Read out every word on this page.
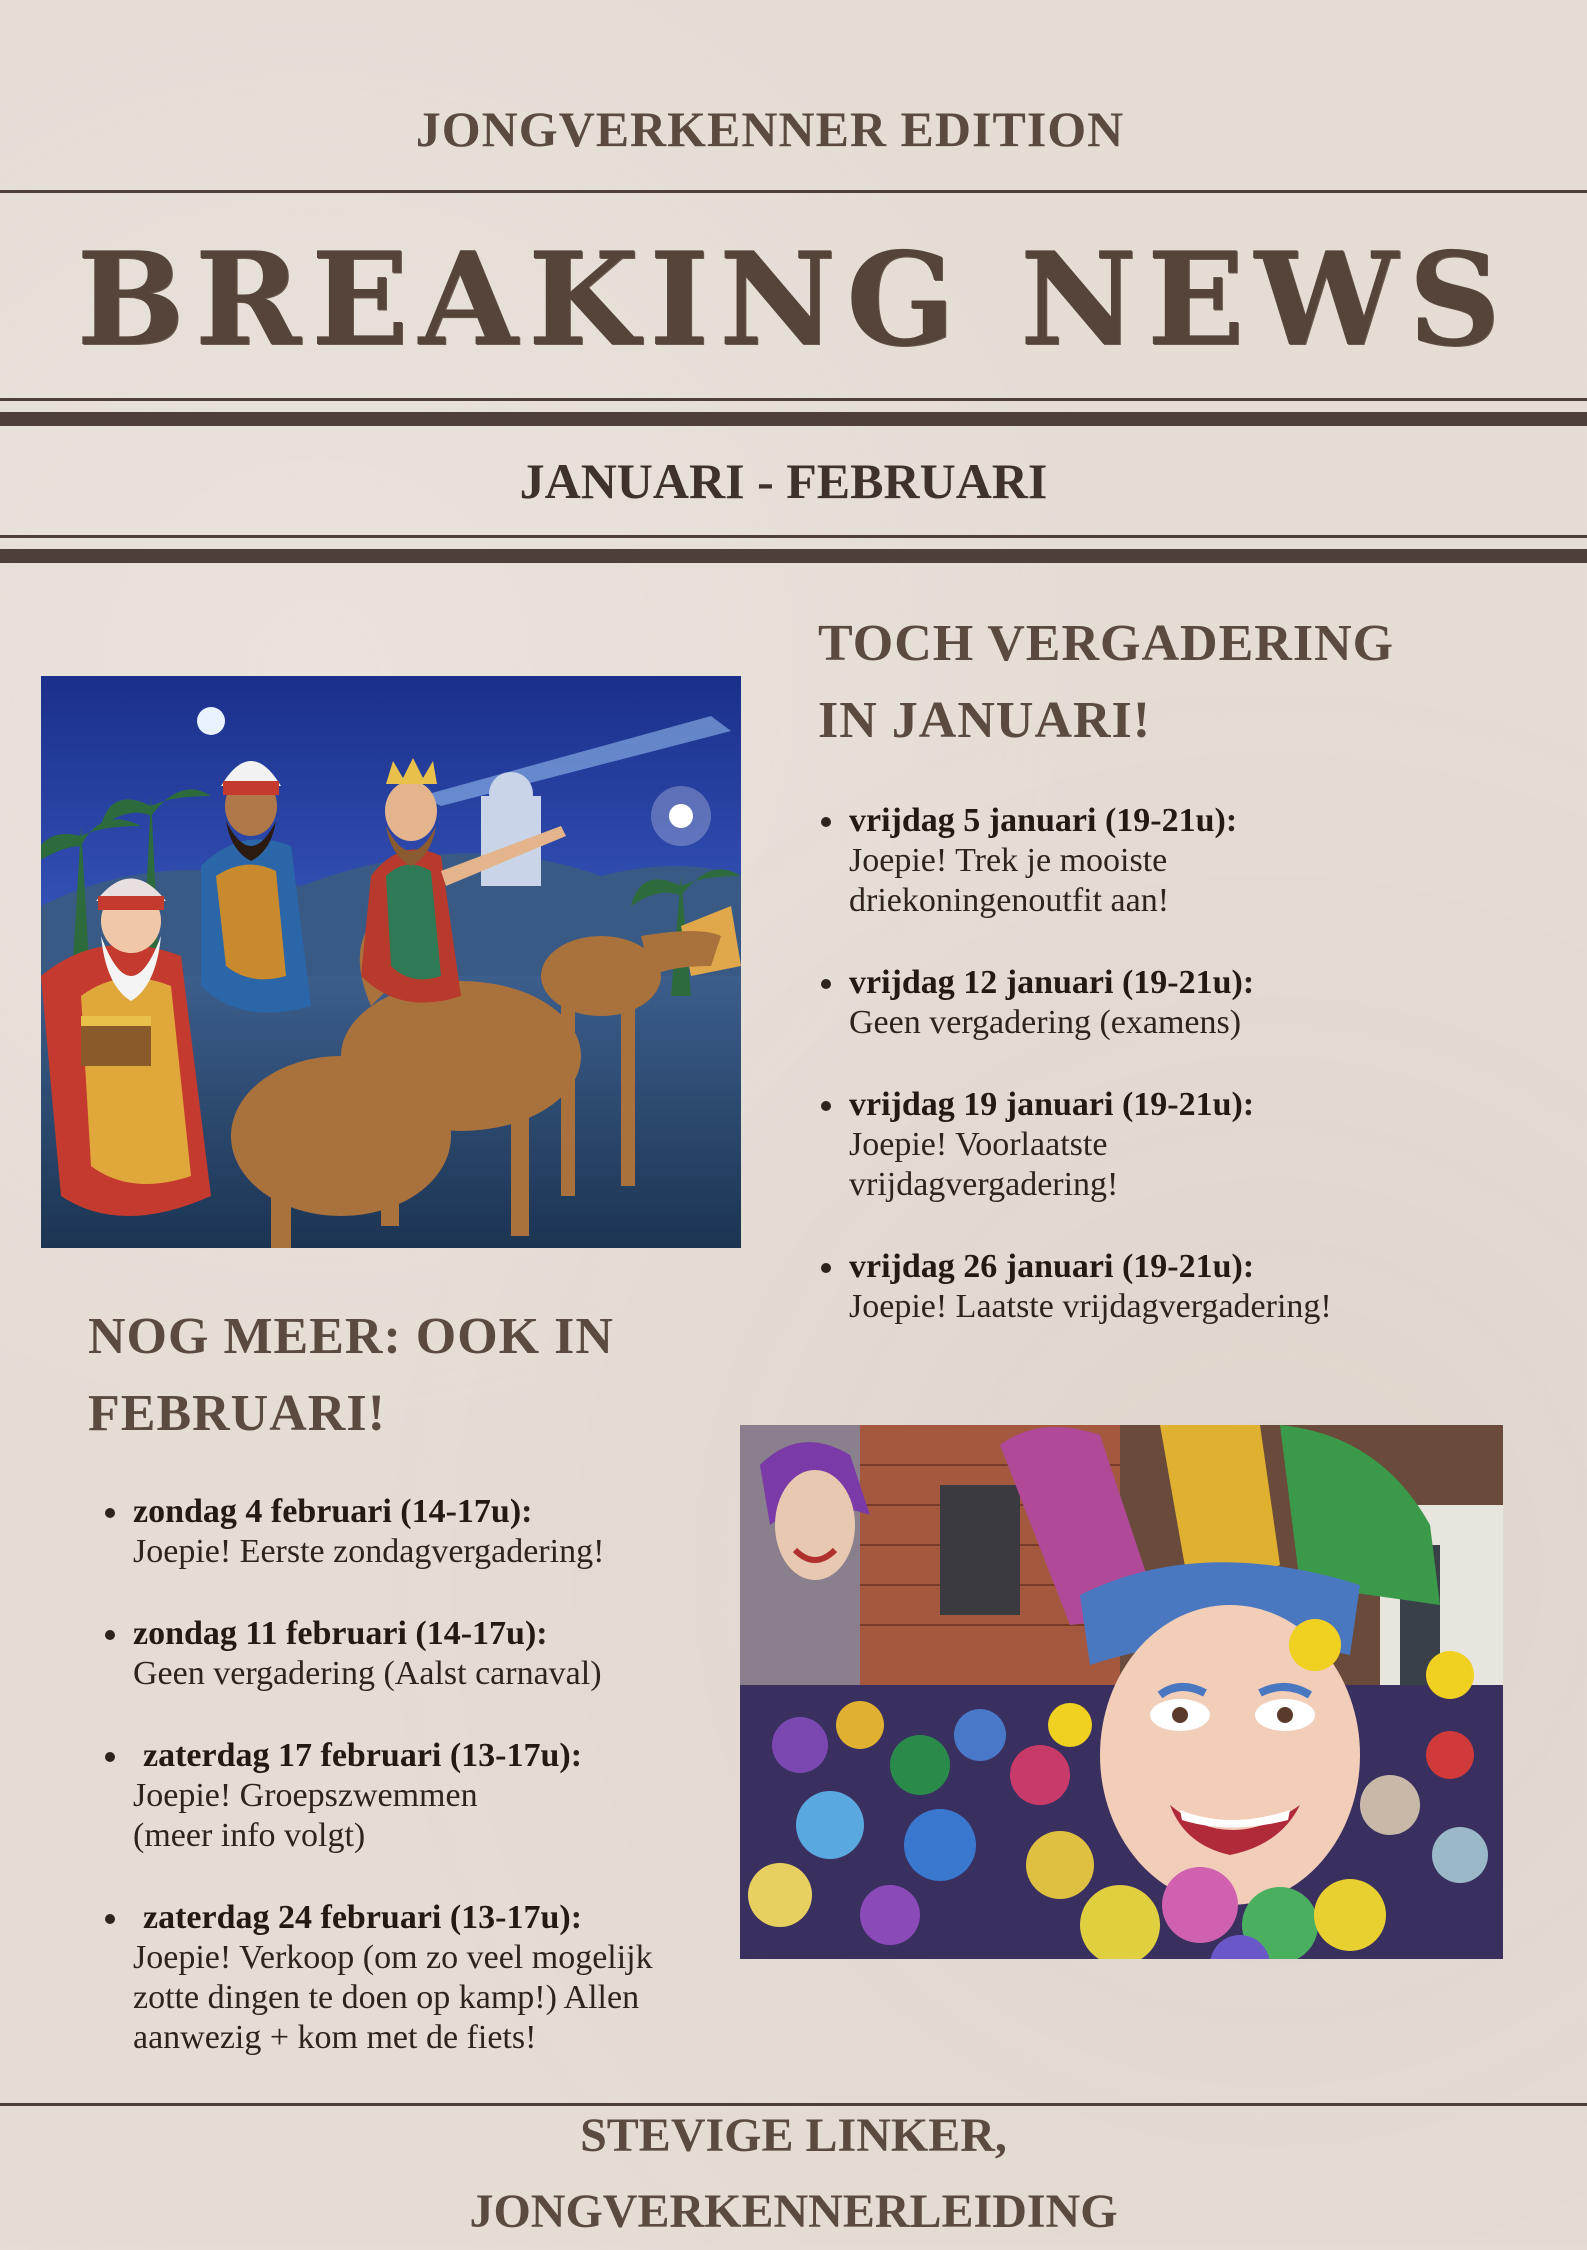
JONGVERKENNER EDITION
BREAKING NEWS
JANUARI - FEBRUARI
TOCH VERGADERING
IN JANUARI!
vrijdag 5 januari (19-21u):
Joepie! Trek je mooiste driekoningenoutfit aan!
vrijdag 12 januari (19-21u):
Geen vergadering (examens)
vrijdag 19 januari (19-21u):
Joepie! Voorlaatste vrijdagvergadering!
vrijdag 26 januari (19-21u):
Joepie! Laatste vrijdagvergadering!
NOG MEER: OOK IN
FEBRUARI!
zondag 4 februari (14-17u):
Joepie! Eerste zondagvergadering!
zondag 11 februari (14-17u):
Geen vergadering (Aalst carnaval)
zaterdag 17 februari (13-17u):
Joepie! Groepszwemmen (meer info volgt)
zaterdag 24 februari (13-17u):
Joepie! Verkoop (om zo veel mogelijk zotte dingen te doen op kamp!) Allen aanwezig + kom met de fiets!
STEVIGE LINKER,
JONGVERKENNERLEIDING
